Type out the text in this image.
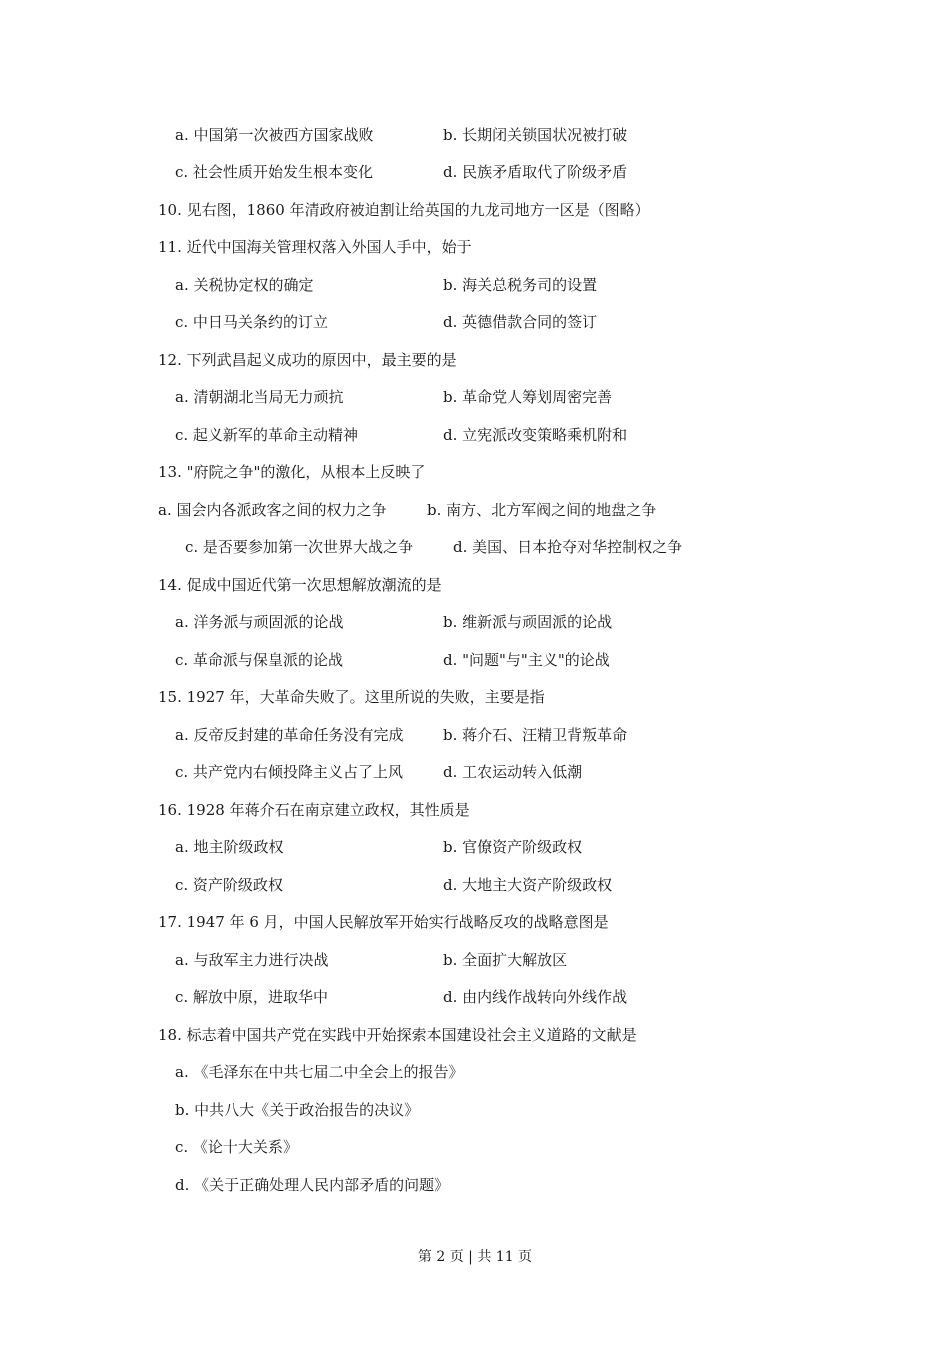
a. 中国第一次被西方国家战败	b. 长期闭关锁国状况被打破
c. 社会性质开始发生根本变化	d. 民族矛盾取代了阶级矛盾
10. 见右图，1860 年清政府被迫割让给英国的九龙司地方一区是（图略）
11. 近代中国海关管理权落入外国人手中，始于
a. 关税协定权的确定	b. 海关总税务司的设置
c. 中日马关条约的订立	d. 英德借款合同的签订
12. 下列武昌起义成功的原因中，最主要的是
a. 清朝湖北当局无力顽抗	b. 革命党人筹划周密完善
c. 起义新军的革命主动精神	d. 立宪派改变策略乘机附和
13. "府院之争"的激化，从根本上反映了
a. 国会内各派政客之间的权力之争	b. 南方、北方军阀之间的地盘之争
c. 是否要参加第一次世界大战之争	d. 美国、日本抢夺对华控制权之争
14. 促成中国近代第一次思想解放潮流的是
a. 洋务派与顽固派的论战	b. 维新派与顽固派的论战
c. 革命派与保皇派的论战	d. "问题"与"主义"的论战
15. 1927 年，大革命失败了。这里所说的失败，主要是指
a. 反帝反封建的革命任务没有完成	b. 蒋介石、汪精卫背叛革命
c. 共产党内右倾投降主义占了上风	d. 工农运动转入低潮
16. 1928 年蒋介石在南京建立政权，其性质是
a. 地主阶级政权	b. 官僚资产阶级政权
c. 资产阶级政权	d. 大地主大资产阶级政权
17. 1947 年 6 月，中国人民解放军开始实行战略反攻的战略意图是
a. 与敌军主力进行决战	b. 全面扩大解放区
c. 解放中原，进取华中	d. 由内线作战转向外线作战
18. 标志着中国共产党在实践中开始探索本国建设社会主义道路的文献是
a. 《毛泽东在中共七届二中全会上的报告》
b. 中共八大《关于政治报告的决议》
c. 《论十大关系》
d. 《关于正确处理人民内部矛盾的问题》
第 2 页 | 共 11 页
